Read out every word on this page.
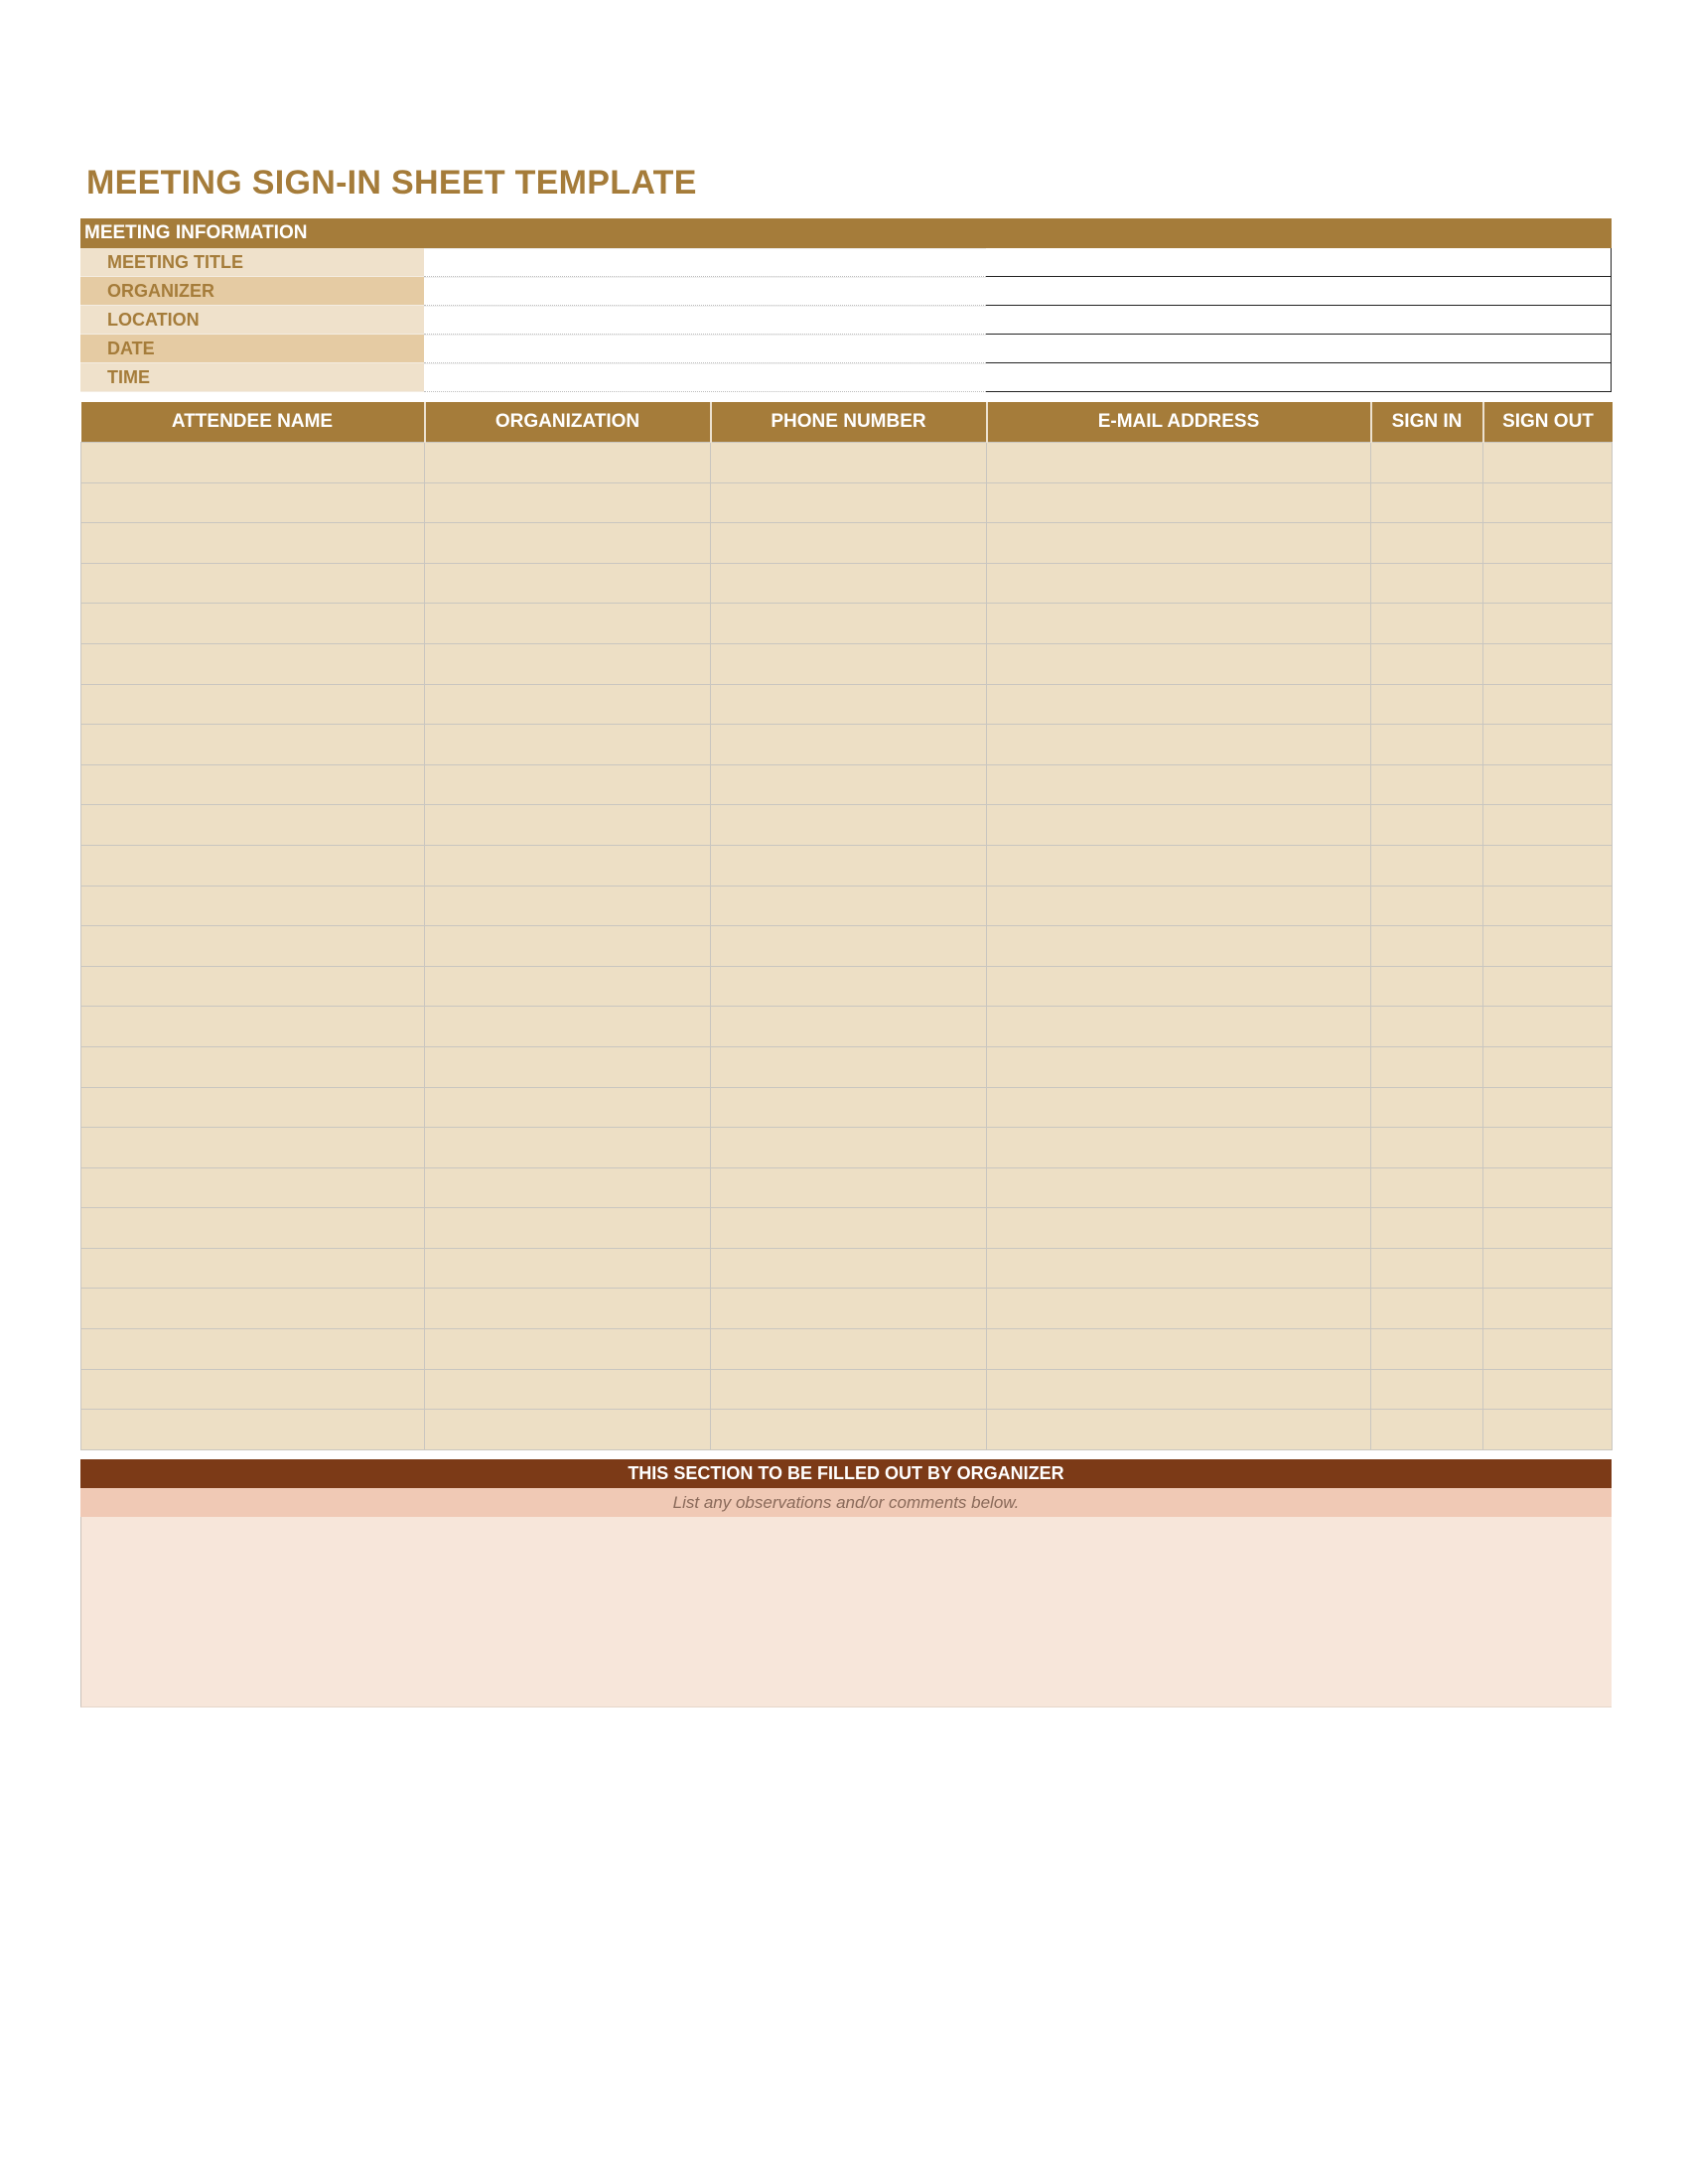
MEETING SIGN-IN SHEET TEMPLATE
MEETING INFORMATION
MEETING TITLE
ORGANIZER
LOCATION
DATE
TIME
ATTENDEE NAME	ORGANIZATION	PHONE NUMBER	E-MAIL ADDRESS	SIGN IN	SIGN OUT

THIS SECTION TO BE FILLED OUT BY ORGANIZER
List any observations and/or comments below.
